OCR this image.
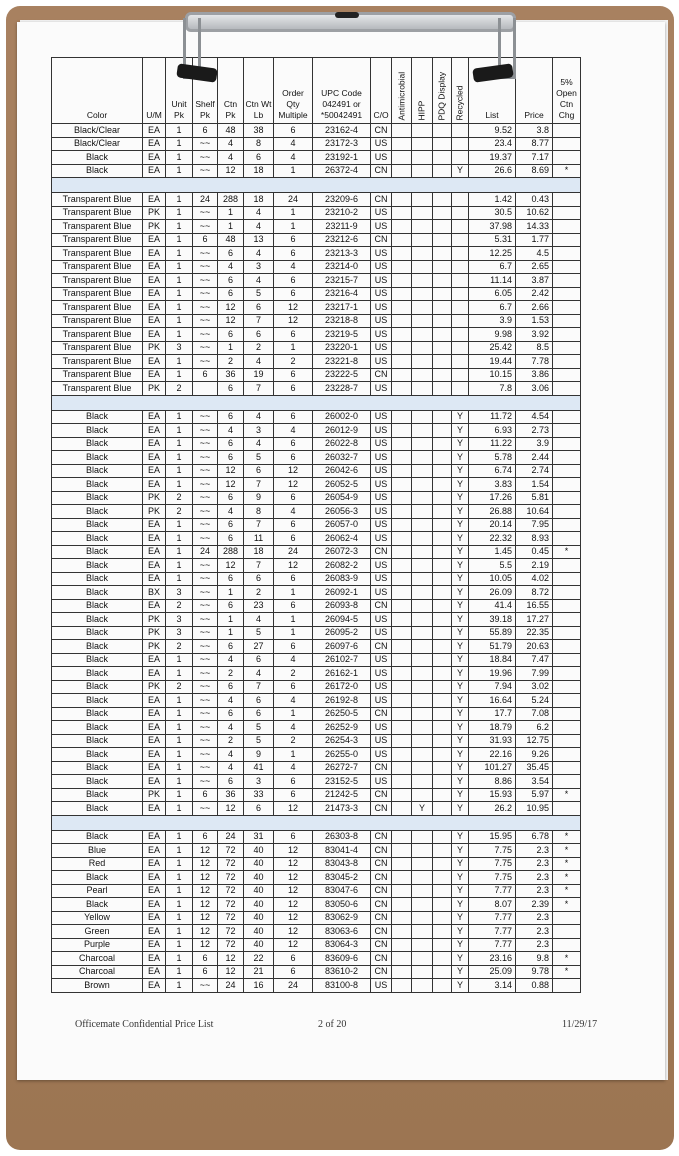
Color	U/M	Unit Pk	Shelf Pk	Ctn Pk	Ctn Wt Lb	Order Qty Multiple	UPC Code 042491 or *50042491	C/O	Antimicrobial	HIPP	PDQ Display	Recycled	List	Price	5% Open Ctn Chg
Black/Clear	EA	1	6	48	38	6	23162-4	CN					9.52	3.8	
Black/Clear	EA	1	~~	4	8	4	23172-3	US					23.4	8.77	
Black	EA	1	~~	4	6	4	23192-1	US					19.37	7.17	
Black	EA	1	~~	12	18	1	26372-4	CN				Y	26.6	8.69	*

Transparent Blue	EA	1	24	288	18	24	23209-6	CN					1.42	0.43	
Transparent Blue	PK	1	~~	1	4	1	23210-2	US					30.5	10.62	
Transparent Blue	PK	1	~~	1	4	1	23211-9	US					37.98	14.33	
Transparent Blue	EA	1	6	48	13	6	23212-6	CN					5.31	1.77	
Transparent Blue	EA	1	~~	6	4	6	23213-3	US					12.25	4.5	
Transparent Blue	EA	1	~~	4	3	4	23214-0	US					6.7	2.65	
Transparent Blue	EA	1	~~	6	4	6	23215-7	US					11.14	3.87	
Transparent Blue	EA	1	~~	6	5	6	23216-4	US					6.05	2.42	
Transparent Blue	EA	1	~~	12	6	12	23217-1	US					6.7	2.66	
Transparent Blue	EA	1	~~	12	7	12	23218-8	US					3.9	1.53	
Transparent Blue	EA	1	~~	6	6	6	23219-5	US					9.98	3.92	
Transparent Blue	PK	3	~~	1	2	1	23220-1	US					25.42	8.5	
Transparent Blue	EA	1	~~	2	4	2	23221-8	US					19.44	7.78	
Transparent Blue	EA	1	6	36	19	6	23222-5	CN					10.15	3.86	
Transparent Blue	PK	2		6	7	6	23228-7	US					7.8	3.06	

Black	EA	1	~~	6	4	6	26002-0	US				Y	11.72	4.54	
Black	EA	1	~~	4	3	4	26012-9	US				Y	6.93	2.73	
Black	EA	1	~~	6	4	6	26022-8	US				Y	11.22	3.9	
Black	EA	1	~~	6	5	6	26032-7	US				Y	5.78	2.44	
Black	EA	1	~~	12	6	12	26042-6	US				Y	6.74	2.74	
Black	EA	1	~~	12	7	12	26052-5	US				Y	3.83	1.54	
Black	PK	2	~~	6	9	6	26054-9	US				Y	17.26	5.81	
Black	PK	2	~~	4	8	4	26056-3	US				Y	26.88	10.64	
Black	EA	1	~~	6	7	6	26057-0	US				Y	20.14	7.95	
Black	EA	1	~~	6	11	6	26062-4	US				Y	22.32	8.93	
Black	EA	1	24	288	18	24	26072-3	CN				Y	1.45	0.45	*
Black	EA	1	~~	12	7	12	26082-2	US				Y	5.5	2.19	
Black	EA	1	~~	6	6	6	26083-9	US				Y	10.05	4.02	
Black	BX	3	~~	1	2	1	26092-1	US				Y	26.09	8.72	
Black	EA	2	~~	6	23	6	26093-8	CN				Y	41.4	16.55	
Black	PK	3	~~	1	4	1	26094-5	US				Y	39.18	17.27	
Black	PK	3	~~	1	5	1	26095-2	US				Y	55.89	22.35	
Black	PK	2	~~	6	27	6	26097-6	CN				Y	51.79	20.63	
Black	EA	1	~~	4	6	4	26102-7	US				Y	18.84	7.47	
Black	EA	1	~~	2	4	2	26162-1	US				Y	19.96	7.99	
Black	PK	2	~~	6	7	6	26172-0	US				Y	7.94	3.02	
Black	EA	1	~~	4	6	4	26192-8	US				Y	16.64	5.24	
Black	EA	1	~~	6	6	1	26250-5	CN				Y	17.7	7.08	
Black	EA	1	~~	4	5	4	26252-9	US				Y	18.79	6.2	
Black	EA	1	~~	2	5	2	26254-3	US				Y	31.93	12.75	
Black	EA	1	~~	4	9	1	26255-0	US				Y	22.16	9.26	
Black	EA	1	~~	4	41	4	26272-7	CN				Y	101.27	35.45	
Black	EA	1	~~	6	3	6	23152-5	US				Y	8.86	3.54	
Black	PK	1	6	36	33	6	21242-5	CN				Y	15.93	5.97	*
Black	EA	1	~~	12	6	12	21473-3	CN		Y		Y	26.2	10.95	

Black	EA	1	6	24	31	6	26303-8	CN				Y	15.95	6.78	*
Blue	EA	1	12	72	40	12	83041-4	CN				Y	7.75	2.3	*
Red	EA	1	12	72	40	12	83043-8	CN				Y	7.75	2.3	*
Black	EA	1	12	72	40	12	83045-2	CN				Y	7.75	2.3	*
Pearl	EA	1	12	72	40	12	83047-6	CN				Y	7.77	2.3	*
Black	EA	1	12	72	40	12	83050-6	CN				Y	8.07	2.39	*
Yellow	EA	1	12	72	40	12	83062-9	CN				Y	7.77	2.3	
Green	EA	1	12	72	40	12	83063-6	CN				Y	7.77	2.3	
Purple	EA	1	12	72	40	12	83064-3	CN				Y	7.77	2.3	
Charcoal	EA	1	6	12	22	6	83609-6	CN				Y	23.16	9.8	*
Charcoal	EA	1	6	12	21	6	83610-2	CN				Y	25.09	9.78	*
Brown	EA	1	~~	24	16	24	83100-8	US				Y	3.14	0.88	
Officemate Confidential Price List	2 of 20	11/29/17
